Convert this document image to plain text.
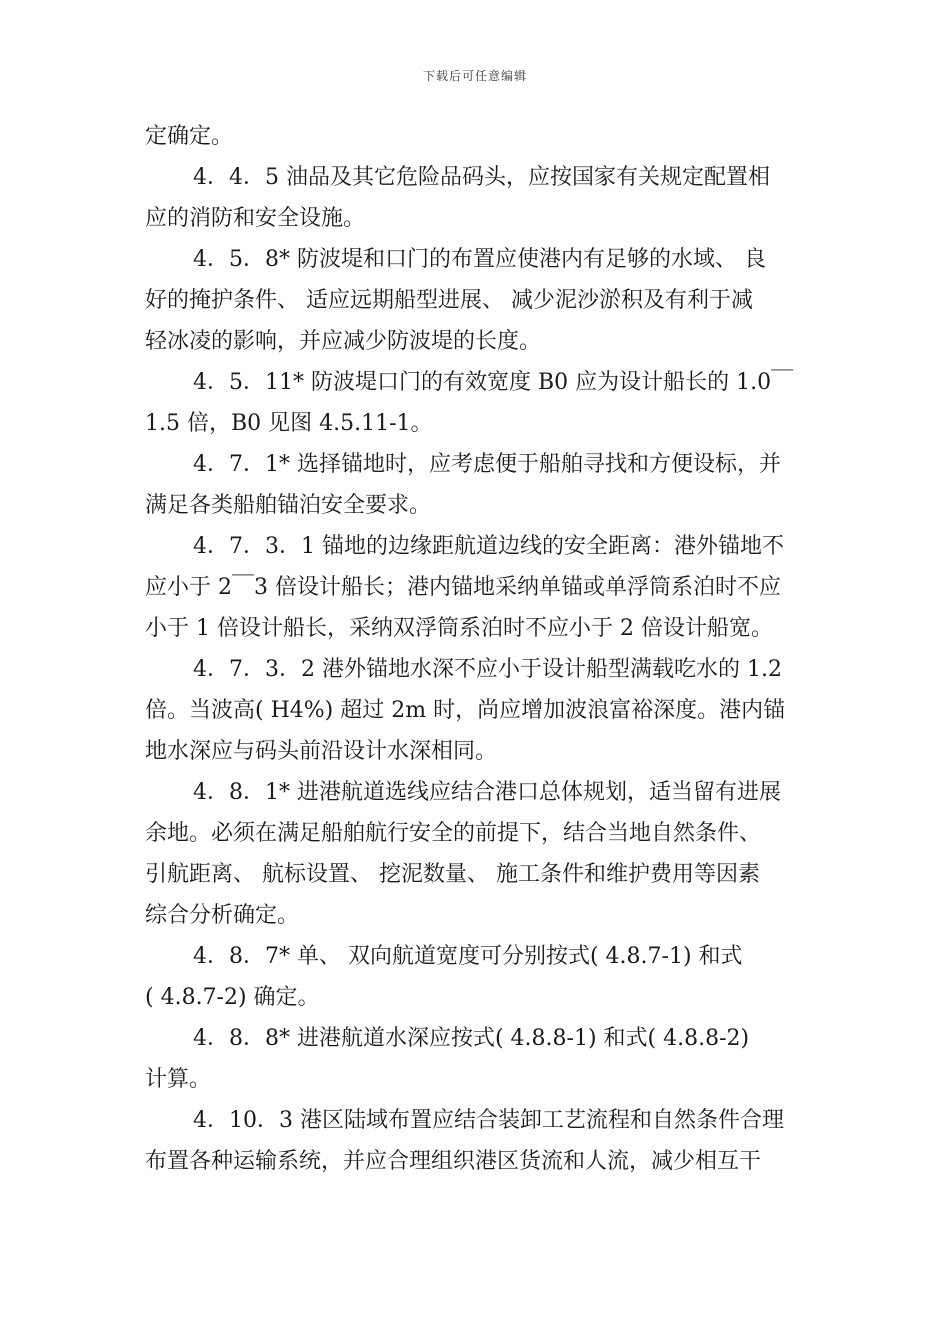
下载后可任意编辑
定确定。
4．4．5 油品及其它危险品码头，应按国家有关规定配置相
应的消防和安全设施。
4．5．8* 防波堤和口门的布置应使港内有足够的水域、 良
好的掩护条件、 适应远期船型进展、 减少泥沙淤积及有利于减
轻冰凌的影响，并应减少防波堤的长度。
4．5．11* 防波堤口门的有效宽度 B0 应为设计船长的 1.0￣
1.5 倍，B0 见图 4.5.11-1。
4．7．1* 选择锚地时，应考虑便于船舶寻找和方便设标，并
满足各类船舶锚泊安全要求。
4．7．3．1 锚地的边缘距航道边线的安全距离：港外锚地不
应小于 2￣3 倍设计船长；港内锚地采纳单锚或单浮筒系泊时不应
小于 1 倍设计船长，采纳双浮筒系泊时不应小于 2 倍设计船宽。
4．7．3．2 港外锚地水深不应小于设计船型满载吃水的 1.2
倍。当波高( H4%) 超过 2m 时，尚应增加波浪富裕深度。港内锚
地水深应与码头前沿设计水深相同。
4．8．1* 进港航道选线应结合港口总体规划，适当留有进展
余地。必须在满足船舶航行安全的前提下，结合当地自然条件、
引航距离、 航标设置、 挖泥数量、 施工条件和维护费用等因素
综合分析确定。
4．8．7* 单、 双向航道宽度可分别按式( 4.8.7-1) 和式
( 4.8.7-2) 确定。
4．8．8* 进港航道水深应按式( 4.8.8-1) 和式( 4.8.8-2)
计算。
4．10．3 港区陆域布置应结合装卸工艺流程和自然条件合理
布置各种运输系统，并应合理组织港区货流和人流，减少相互干
